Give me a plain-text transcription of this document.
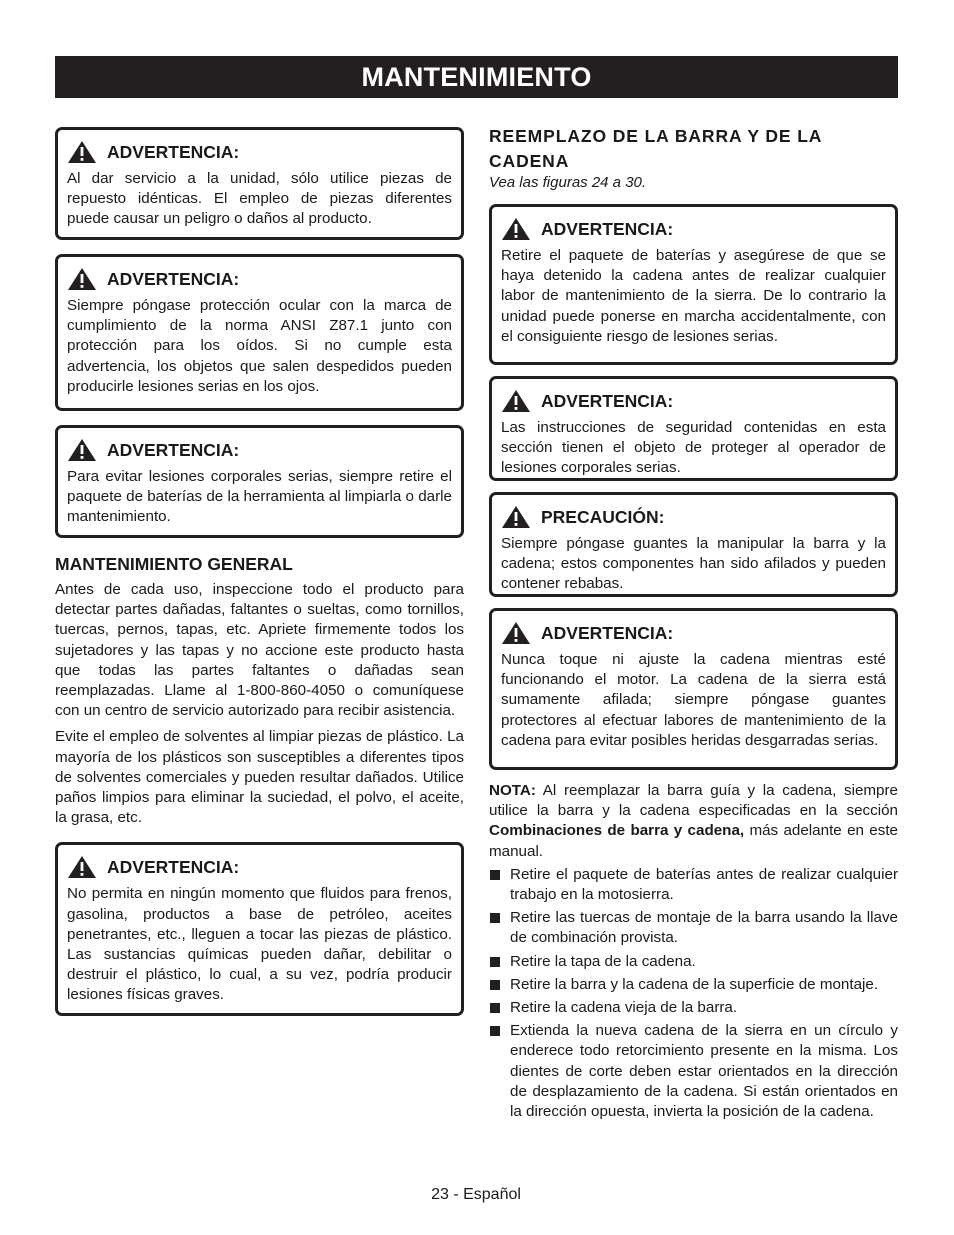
MANTENIMIENTO
ADVERTENCIA:
Al dar servicio a la unidad, sólo utilice piezas de repuesto idénticas. El empleo de piezas diferentes puede causar un peligro o daños al producto.
ADVERTENCIA:
Siempre póngase protección ocular con la marca de cumplimiento de la norma ANSI Z87.1 junto con protección para los oídos. Si no cumple esta advertencia, los objetos que salen despedidos pueden producirle lesiones serias en los ojos.
ADVERTENCIA:
Para evitar lesiones corporales serias, siempre retire el paquete de baterías de la herramienta al limpiarla o darle mantenimiento.
MANTENIMIENTO GENERAL

Antes de cada uso, inspeccione todo el producto para detectar partes dañadas, faltantes o sueltas, como tornillos, tuercas, pernos, tapas, etc. Apriete firmemente todos los sujetadores y las tapas y no accione este producto hasta que todas las partes faltantes o dañadas sean reemplazadas. Llame al 1-800-860-4050 o comuníquese con un centro de servicio autorizado para recibir asistencia.

Evite el empleo de solventes al limpiar piezas de plástico. La mayoría de los plásticos son susceptibles a diferentes tipos de solventes comerciales y pueden resultar dañados. Utilice paños limpios para eliminar la suciedad, el polvo, el aceite, la grasa, etc.

ADVERTENCIA:
No permita en ningún momento que fluidos para frenos, gasolina, productos a base de petróleo, aceites penetrantes, etc., lleguen a tocar las piezas de plástico. Las sustancias químicas pueden dañar, debilitar o destruir el plástico, lo cual, a su vez, podría producir lesiones físicas graves.
REEMPLAZO DE LA BARRA Y DE LA CADENA

Vea las figuras 24 a 30.

ADVERTENCIA:
Retire el paquete de baterías y asegúrese de que se haya detenido la cadena antes de realizar cualquier labor de mantenimiento de la sierra. De lo contrario la unidad puede ponerse en marcha accidentalmente, con el consiguiente riesgo de lesiones serias.
ADVERTENCIA:
Las instrucciones de seguridad contenidas en esta sección tienen el objeto de proteger al operador de lesiones corporales serias.
PRECAUCIÓN:
Siempre póngase guantes la manipular la barra y la cadena; estos componentes han sido afilados y pueden contener rebabas.
ADVERTENCIA:
Nunca toque ni ajuste la cadena mientras esté funcionando el motor. La cadena de la sierra está sumamente afilada; siempre póngase guantes protectores al efectuar labores de mantenimiento de la cadena para evitar posibles heridas desgarradas serias.

NOTA: Al reemplazar la barra guía y la cadena, siempre utilice la barra y la cadena especificadas en la sección Combinaciones de barra y cadena, más adelante en este manual.

Retire el paquete de baterías antes de realizar cualquier trabajo en la motosierra.
Retire las tuercas de montaje de la barra usando la llave de combinación provista.
Retire la tapa de la cadena.
Retire la barra y la cadena de la superficie de montaje.
Retire la cadena vieja de la barra.
Extienda la nueva cadena de la sierra en un círculo y enderece todo retorcimiento presente en la misma. Los dientes de corte deben estar orientados en la dirección de desplazamiento de la cadena. Si están orientados en la dirección opuesta, invierta la posición de la cadena.
23 - Español
